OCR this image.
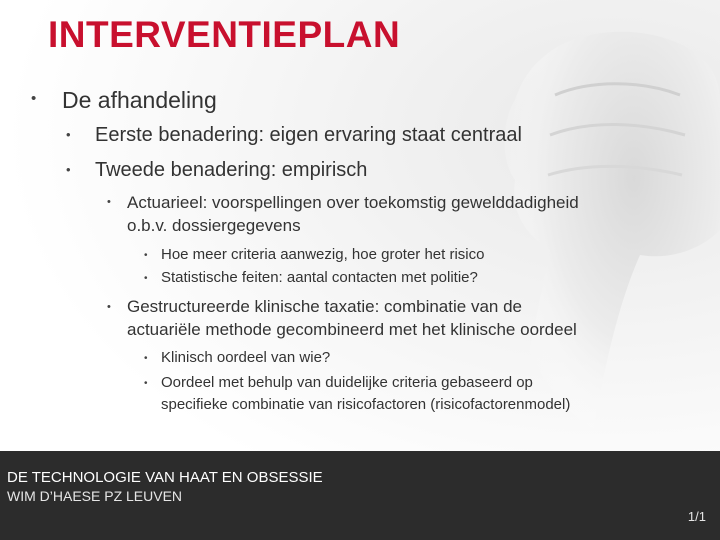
INTERVENTIEPLAN
• De afhandeling
• Eerste benadering: eigen ervaring staat centraal
• Tweede benadering: empirisch
• Actuarieel: voorspellingen over toekomstig gewelddadigheid
o.b.v. dossiergegevens
• Hoe meer criteria aanwezig, hoe groter het risico
• Statistische feiten: aantal contacten met politie?
• Gestructureerde klinische taxatie: combinatie van de
actuariële methode gecombineerd met het klinische oordeel
• Klinisch oordeel van wie?
• Oordeel met behulp van duidelijke criteria gebaseerd op
specifieke combinatie van risicofactoren (risicofactorenmodel)
DE TECHNOLOGIE VAN HAAT EN OBSESSIE
WIM D’HAESE PZ LEUVEN
1/1
